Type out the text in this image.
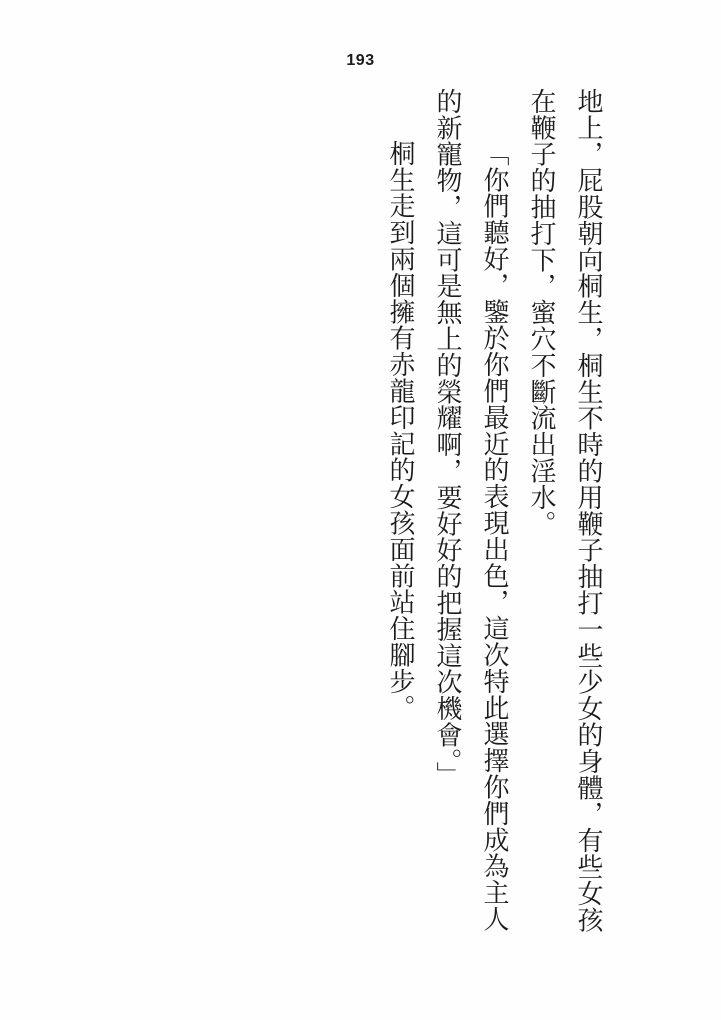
193

地上，屁股朝向桐生，桐生不時的用鞭子抽打一些少女的身體，有些女孩在鞭子的抽打下，蜜穴不斷流出淫水。

「你們聽好，鑒於你們最近的表現出色，這次特此選擇你們成為主人的新寵物，這可是無上的榮耀啊，要好好的把握這次機會。」

桐生走到兩個擁有赤龍印記的女孩面前站住腳步。
